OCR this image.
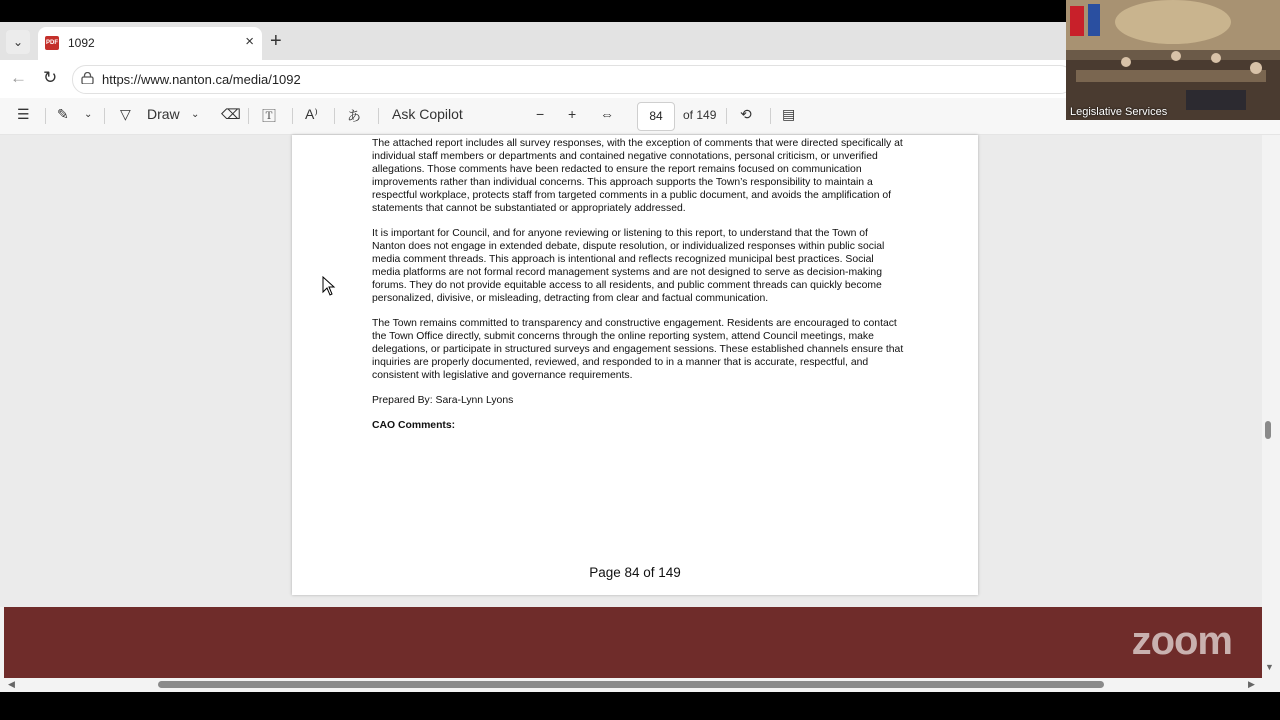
⌄	PDF 1092	× +
← ↻	https://www.nanton.ca/media/1092
☰ ✎ ⌄ ▽ Draw ⌄ ⌫ 🅃 A⁾ あ Ask Copilot	− + ⇔	84	of 149 ⟲ ▤

The attached report includes all survey responses, with the exception of comments that were directed specifically at individual staff members or departments and contained negative connotations, personal criticism, or unverified allegations. Those comments have been redacted to ensure the report remains focused on communication improvements rather than individual concerns. This approach supports the Town’s responsibility to maintain a respectful workplace, protects staff from targeted comments in a public document, and avoids the amplification of statements that cannot be substantiated or appropriately addressed.

It is important for Council, and for anyone reviewing or listening to this report, to understand that the Town of Nanton does not engage in extended debate, dispute resolution, or individualized responses within public social media comment threads. This approach is intentional and reflects recognized municipal best practices. Social media platforms are not formal record management systems and are not designed to serve as decision-making forums. They do not provide equitable access to all residents, and public comment threads can quickly become personalized, divisive, or misleading, detracting from clear and factual communication.

The Town remains committed to transparency and constructive engagement. Residents are encouraged to contact the Town Office directly, submit concerns through the online reporting system, attend Council meetings, make delegations, or participate in structured surveys and engagement sessions. These established channels ensure that inquiries are properly documented, reviewed, and responded to in a manner that is accurate, respectful, and consistent with legislative and governance requirements.

Prepared By: Sara-Lynn Lyons

CAO Comments:

Page 84 of 149
zoom
▼
◀	▶
Legislative Services
